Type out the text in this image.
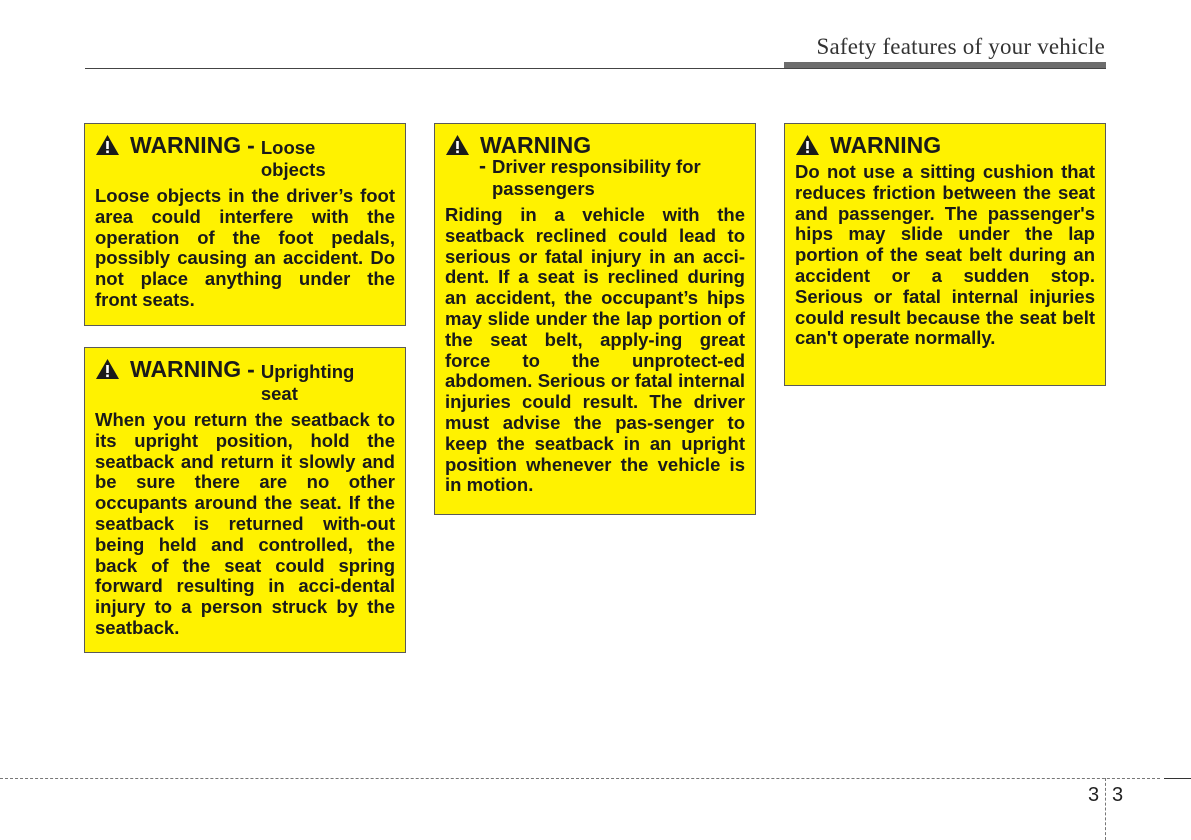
Safety features of your vehicle
WARNING - Loose
objects
Loose objects in the driver’s foot area could interfere with the operation of the foot pedals, possibly causing an accident. Do not place anything under the front seats.
WARNING - Uprighting
seat
When you return the seatback to its upright position, hold the seatback and return it slowly and be sure there are no other occupants around the seat. If the seatback is returned with-out being held and controlled, the back of the seat could spring forward resulting in acci-dental injury to a person struck by the seatback.
WARNING
- Driver responsibility for passengers
Riding in a vehicle with the seatback reclined could lead to serious or fatal injury in an acci-dent. If a seat is reclined during an accident, the occupant’s hips may slide under the lap portion of the seat belt, apply-ing great force to the unprotect-ed abdomen. Serious or fatal internal injuries could result. The driver must advise the pas-senger to keep the seatback in an upright position whenever the vehicle is in motion.
WARNING
Do not use a sitting cushion that reduces friction between the seat and passenger. The passenger's hips may slide under the lap portion of the seat belt during an accident or a sudden stop. Serious or fatal internal injuries could result because the seat belt can't operate normally.
3 3
